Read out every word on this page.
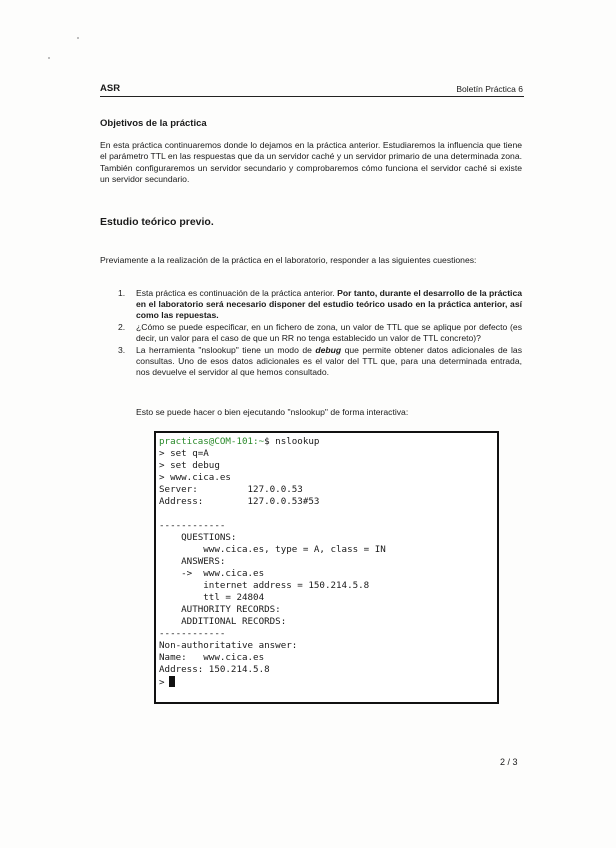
ASR	Boletín Práctica 6
Objetivos de la práctica
En esta práctica continuaremos donde lo dejamos en la práctica anterior. Estudiaremos la influencia que tiene el parámetro TTL en las respuestas que da un servidor caché y un servidor primario de una determinada zona. También configuraremos un servidor secundario y comprobaremos cómo funciona el servidor caché si existe un servidor secundario.
Estudio teórico previo.
Previamente a la realización de la práctica en el laboratorio, responder a las siguientes cuestiones:
1. Esta práctica es continuación de la práctica anterior. Por tanto, durante el desarrollo de la práctica en el laboratorio será necesario disponer del estudio teórico usado en la práctica anterior, así como las repuestas.
2. ¿Cómo se puede especificar, en un fichero de zona, un valor de TTL que se aplique por defecto (es decir, un valor para el caso de que un RR no tenga establecido un valor de TTL concreto)?
3. La herramienta "nslookup" tiene un modo de debug que permite obtener datos adicionales de las consultas. Uno de esos datos adicionales es el valor del TTL que, para una determinada entrada, nos devuelve el servidor al que hemos consultado.
Esto se puede hacer o bien ejecutando "nslookup" de forma interactiva:
practicas@COM-101:~$ nslookup
> set q=A
> set debug
> www.cica.es
Server:         127.0.0.53
Address:        127.0.0.53#53
------------
QUESTIONS:
www.cica.es, type = A, class = IN
ANSWERS:
->  www.cica.es
internet address = 150.214.5.8
ttl = 24804
AUTHORITY RECORDS:
ADDITIONAL RECORDS:
------------
Non-authoritative answer:
Name:   www.cica.es
Address: 150.214.5.8
>
2 / 3
